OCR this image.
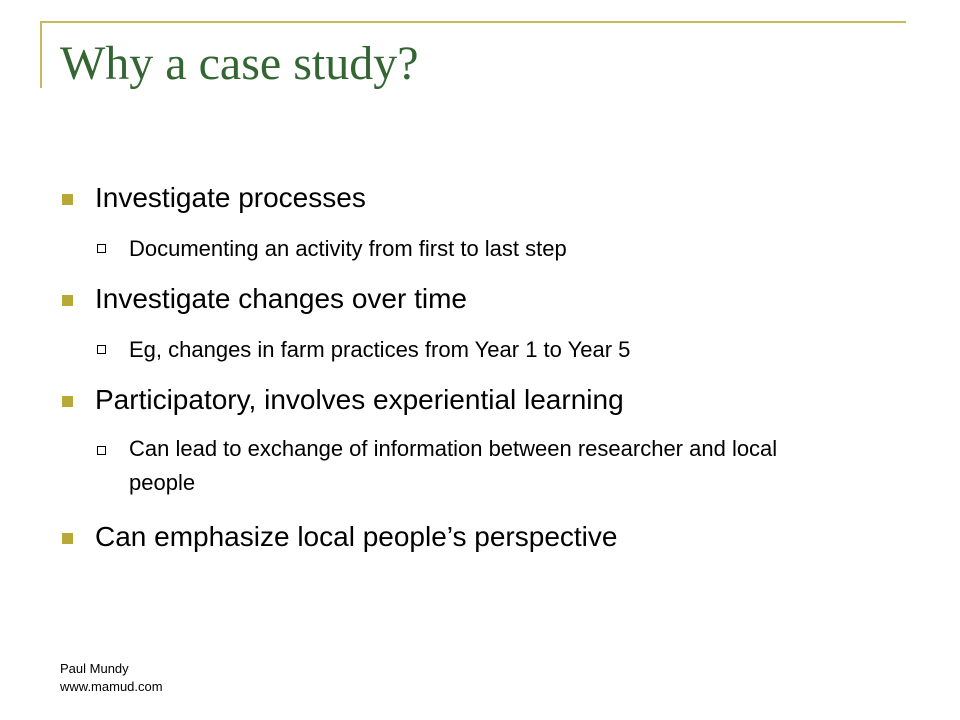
Why a case study?
Investigate processes
Documenting an activity from first to last step
Investigate changes over time
Eg, changes in farm practices from Year 1 to Year 5
Participatory, involves experiential learning
Can lead to exchange of information between researcher and local people
Can emphasize local people’s perspective
Paul Mundy
www.mamud.com
